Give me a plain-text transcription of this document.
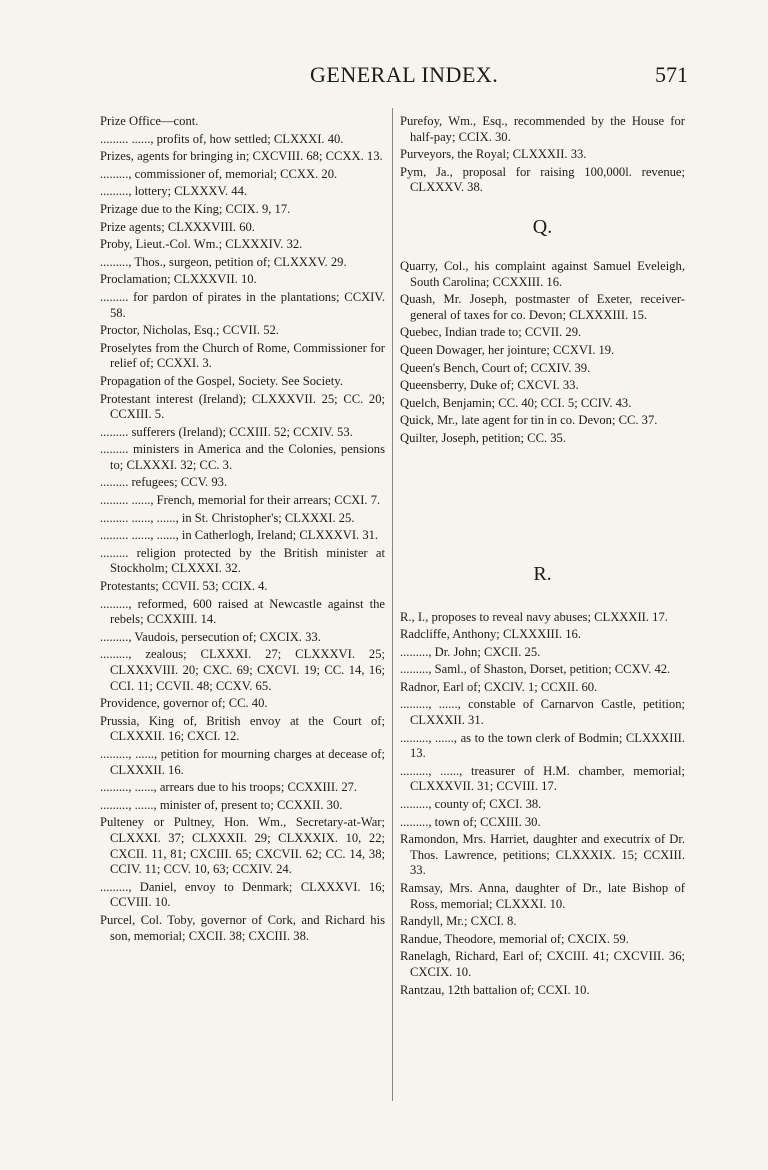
GENERAL INDEX.	571

Prize Office—cont.

......... ......, profits of, how settled; CLXXXI. 40.

Prizes, agents for bringing in; CXCVIII. 68; CCXX. 13.

........., commissioner of, memorial; CCXX. 20.

........., lottery; CLXXXV. 44.

Prizage due to the King; CCIX. 9, 17.

Prize agents; CLXXXVIII. 60.

Proby, Lieut.-Col. Wm.; CLXXXIV. 32.

........., Thos., surgeon, petition of; CLXXXV. 29.

Proclamation; CLXXXVII. 10.

......... for pardon of pirates in the plantations; CCXIV. 58.

Proctor, Nicholas, Esq.; CCVII. 52.

Proselytes from the Church of Rome, Commissioner for relief of; CCXXI. 3.

Propagation of the Gospel, Society. See Society.

Protestant interest (Ireland); CLXXXVII. 25; CC. 20; CCXIII. 5.

......... sufferers (Ireland); CCXIII. 52; CCXIV. 53.

......... ministers in America and the Colonies, pensions to; CLXXXI. 32; CC. 3.

......... refugees; CCV. 93.

......... ......, French, memorial for their arrears; CCXI. 7.

......... ......, ......, in St. Christopher's; CLXXXI. 25.

......... ......, ......, in Catherlogh, Ireland; CLXXXVI. 31.

......... religion protected by the British minister at Stockholm; CLXXXI. 32.

Protestants; CCVII. 53; CCIX. 4.

........., reformed, 600 raised at Newcastle against the rebels; CCXXIII. 14.

........., Vaudois, persecution of; CXCIX. 33.

........., zealous; CLXXXI. 27; CLXXXVI. 25; CLXXXVIII. 20; CXC. 69; CXCVI. 19; CC. 14, 16; CCI. 11; CCVII. 48; CCXV. 65.

Providence, governor of; CC. 40.

Prussia, King of, British envoy at the Court of; CLXXXII. 16; CXCI. 12.

........., ......, petition for mourning charges at decease of; CLXXXII. 16.

........., ......, arrears due to his troops; CCXXIII. 27.

........., ......, minister of, present to; CCXXII. 30.

Pulteney or Pultney, Hon. Wm., Secretary-at-War; CLXXXI. 37; CLXXXII. 29; CLXXXIX. 10, 22; CXCII. 11, 81; CXCIII. 65; CXCVII. 62; CC. 14, 38; CCIV. 11; CCV. 10, 63; CCXIV. 24.

........., Daniel, envoy to Denmark; CLXXXVI. 16; CCVIII. 10.

Purcel, Col. Toby, governor of Cork, and Richard his son, memorial; CXCII. 38; CXCIII. 38.

Purefoy, Wm., Esq., recommended by the House for half-pay; CCIX. 30.

Purveyors, the Royal; CLXXXII. 33.

Pym, Ja., proposal for raising 100,000l. revenue; CLXXXV. 38.

Q.

Quarry, Col., his complaint against Samuel Eveleigh, South Carolina; CCXXIII. 16.

Quash, Mr. Joseph, postmaster of Exeter, receiver-general of taxes for co. Devon; CLXXXIII. 15.

Quebec, Indian trade to; CCVII. 29.

Queen Dowager, her jointure; CCXVI. 19.

Queen's Bench, Court of; CCXIV. 39.

Queensberry, Duke of; CXCVI. 33.

Quelch, Benjamin; CC. 40; CCI. 5; CCIV. 43.

Quick, Mr., late agent for tin in co. Devon; CC. 37.

Quilter, Joseph, petition; CC. 35.

R.

R., I., proposes to reveal navy abuses; CLXXXII. 17.

Radcliffe, Anthony; CLXXXIII. 16.

........., Dr. John; CXCII. 25.

........., Saml., of Shaston, Dorset, petition; CCXV. 42.

Radnor, Earl of; CXCIV. 1; CCXII. 60.

........., ......, constable of Carnarvon Castle, petition; CLXXXII. 31.

........., ......, as to the town clerk of Bodmin; CLXXXIII. 13.

........., ......, treasurer of H.M. chamber, memorial; CLXXXVII. 31; CCVIII. 17.

........., county of; CXCI. 38.

........., town of; CCXIII. 30.

Ramondon, Mrs. Harriet, daughter and executrix of Dr. Thos. Lawrence, petitions; CLXXXIX. 15; CCXIII. 33.

Ramsay, Mrs. Anna, daughter of Dr., late Bishop of Ross, memorial; CLXXXI. 10.

Randyll, Mr.; CXCI. 8.

Randue, Theodore, memorial of; CXCIX. 59.

Ranelagh, Richard, Earl of; CXCIII. 41; CXCVIII. 36; CXCIX. 10.

Rantzau, 12th battalion of; CCXI. 10.
